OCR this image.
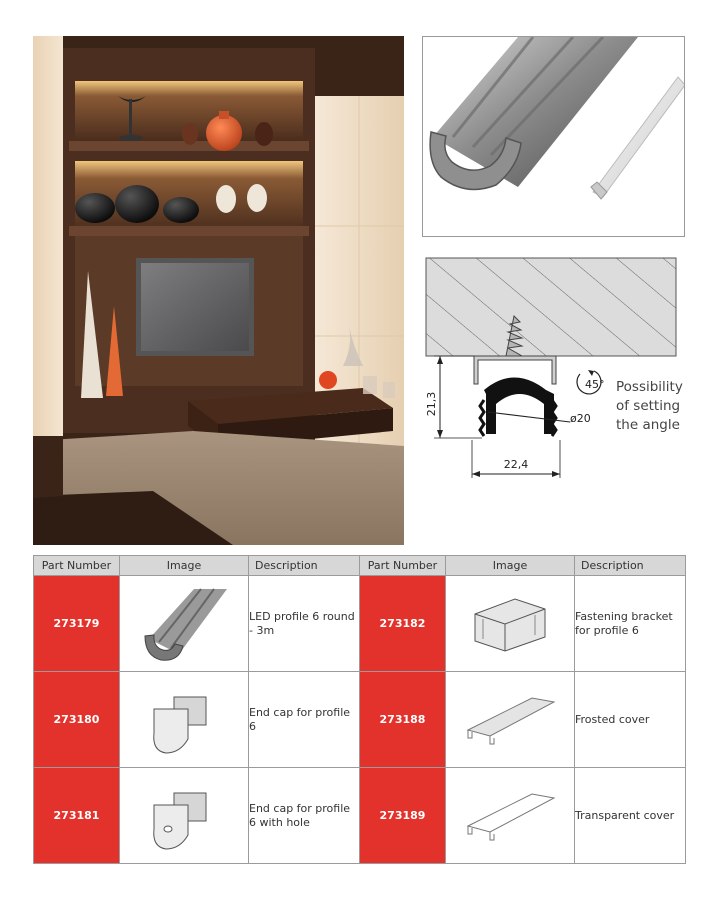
21,3
22,4
ø20
45° Possibility of setting the angle
Part Number	Image	Description	Part Number	Image	Description
273179		LED profile 6 round - 3m	273182		Fastening bracket for profile 6
273180		End cap for profile 6	273188		Frosted cover
273181		End cap for profile 6 with hole	273189		Transparent cover
